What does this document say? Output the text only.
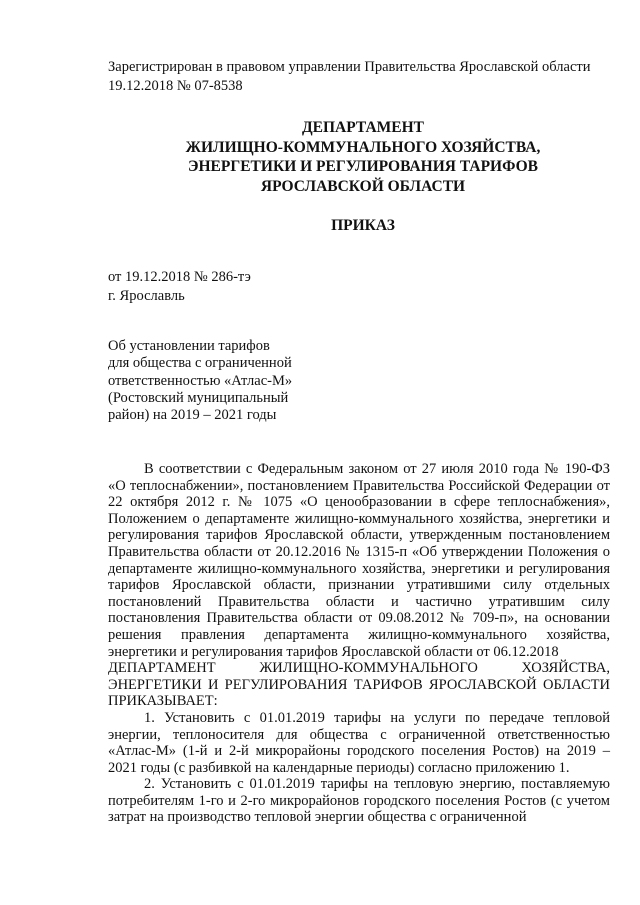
Зарегистрирован в правовом управлении Правительства Ярославской области
19.12.2018 № 07-8538
ДЕПАРТАМЕНТ
ЖИЛИЩНО-КОММУНАЛЬНОГО ХОЗЯЙСТВА,
ЭНЕРГЕТИКИ И РЕГУЛИРОВАНИЯ ТАРИФОВ
ЯРОСЛАВСКОЙ ОБЛАСТИ
ПРИКАЗ
от 19.12.2018 № 286-тэ
г. Ярославль
Об установлении тарифов
для общества с ограниченной
ответственностью «Атлас-М»
(Ростовский муниципальный
район) на 2019 – 2021 годы

В соответствии с Федеральным законом от 27 июля 2010 года № 190-ФЗ «О теплоснабжении», постановлением Правительства Российской Федерации от 22 октября 2012 г. № 1075 «О ценообразовании в сфере теплоснабжения», Положением о департаменте жилищно-коммунального хозяйства, энергетики и регулирования тарифов Ярославской области, утвержденным постановлением Правительства области от 20.12.2016 № 1315-п «Об утверждении Положения о департаменте жилищно-коммунального хозяйства, энергетики и регулирования тарифов Ярославской области, признании утратившими силу отдельных постановлений Правительства области и частично утратившим силу постановления Правительства области от 09.08.2012 № 709-п», на основании решения правления департамента жилищно-коммунального хозяйства, энергетики и регулирования тарифов Ярославской области от 06.12.2018

ДЕПАРТАМЕНТ ЖИЛИЩНО-КОММУНАЛЬНОГО ХОЗЯЙСТВА, ЭНЕРГЕТИКИ И РЕГУЛИРОВАНИЯ ТАРИФОВ ЯРОСЛАВСКОЙ ОБЛАСТИ ПРИКАЗЫВАЕТ:

1. Установить с 01.01.2019 тарифы на услуги по передаче тепловой энергии, теплоносителя для общества с ограниченной ответственностью «Атлас-М» (1-й и 2-й микрорайоны городского поселения Ростов) на 2019 – 2021 годы (с разбивкой на календарные периоды) согласно приложению 1.

2. Установить с 01.01.2019 тарифы на тепловую энергию, поставляемую потребителям 1-го и 2-го микрорайонов городского поселения Ростов (с учетом затрат на производство тепловой энергии общества с ограниченной
